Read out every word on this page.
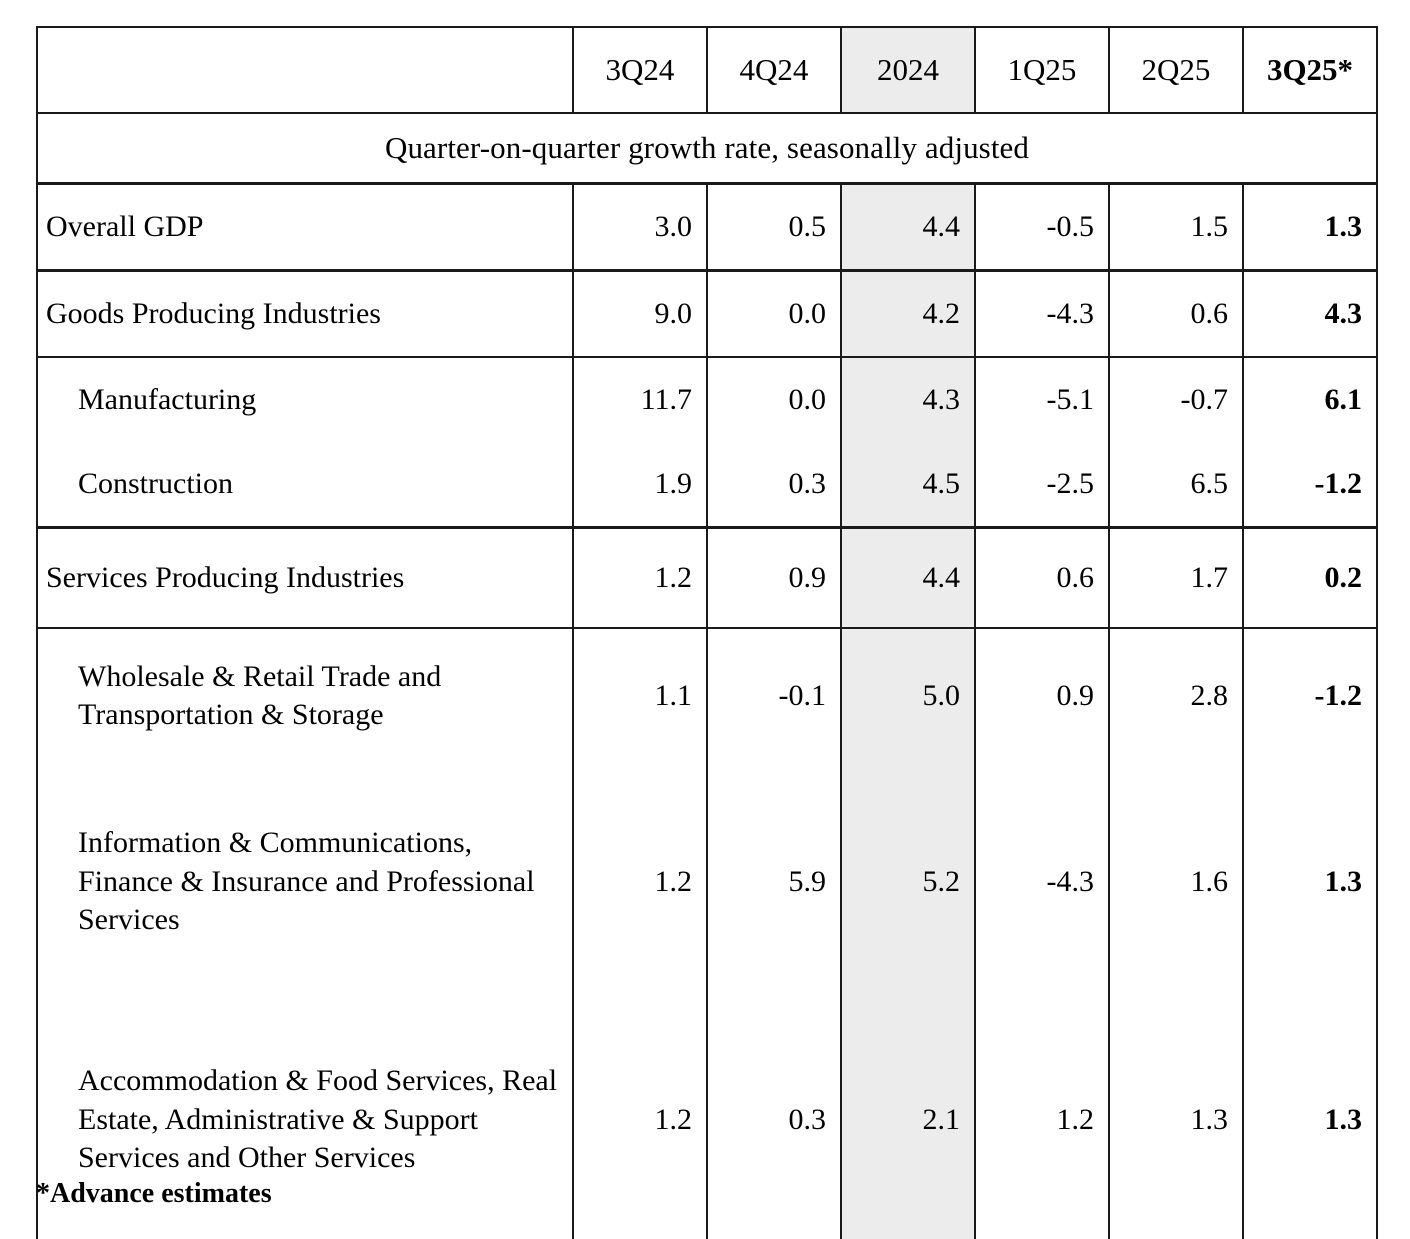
	3Q24	4Q24	2024	1Q25	2Q25	3Q25*
Quarter-on-quarter growth rate, seasonally adjusted						
Overall GDP	3.0	0.5	4.4	-0.5	1.5	1.3
Goods Producing Industries	9.0	0.0	4.2	-4.3	0.6	4.3
Manufacturing	11.7	0.0	4.3	-5.1	-0.7	6.1
Construction	1.9	0.3	4.5	-2.5	6.5	-1.2
Services Producing Industries	1.2	0.9	4.4	0.6	1.7	0.2
Wholesale & Retail Trade and Transportation & Storage	1.1	-0.1	5.0	0.9	2.8	-1.2
Information & Communications, Finance & Insurance and Professional Services	1.2	5.9	5.2	-4.3	1.6	1.3
Accommodation & Food Services, Real Estate, Administrative & Support Services and Other Services	1.2	0.3	2.1	1.2	1.3	1.3
*Advance estimates
